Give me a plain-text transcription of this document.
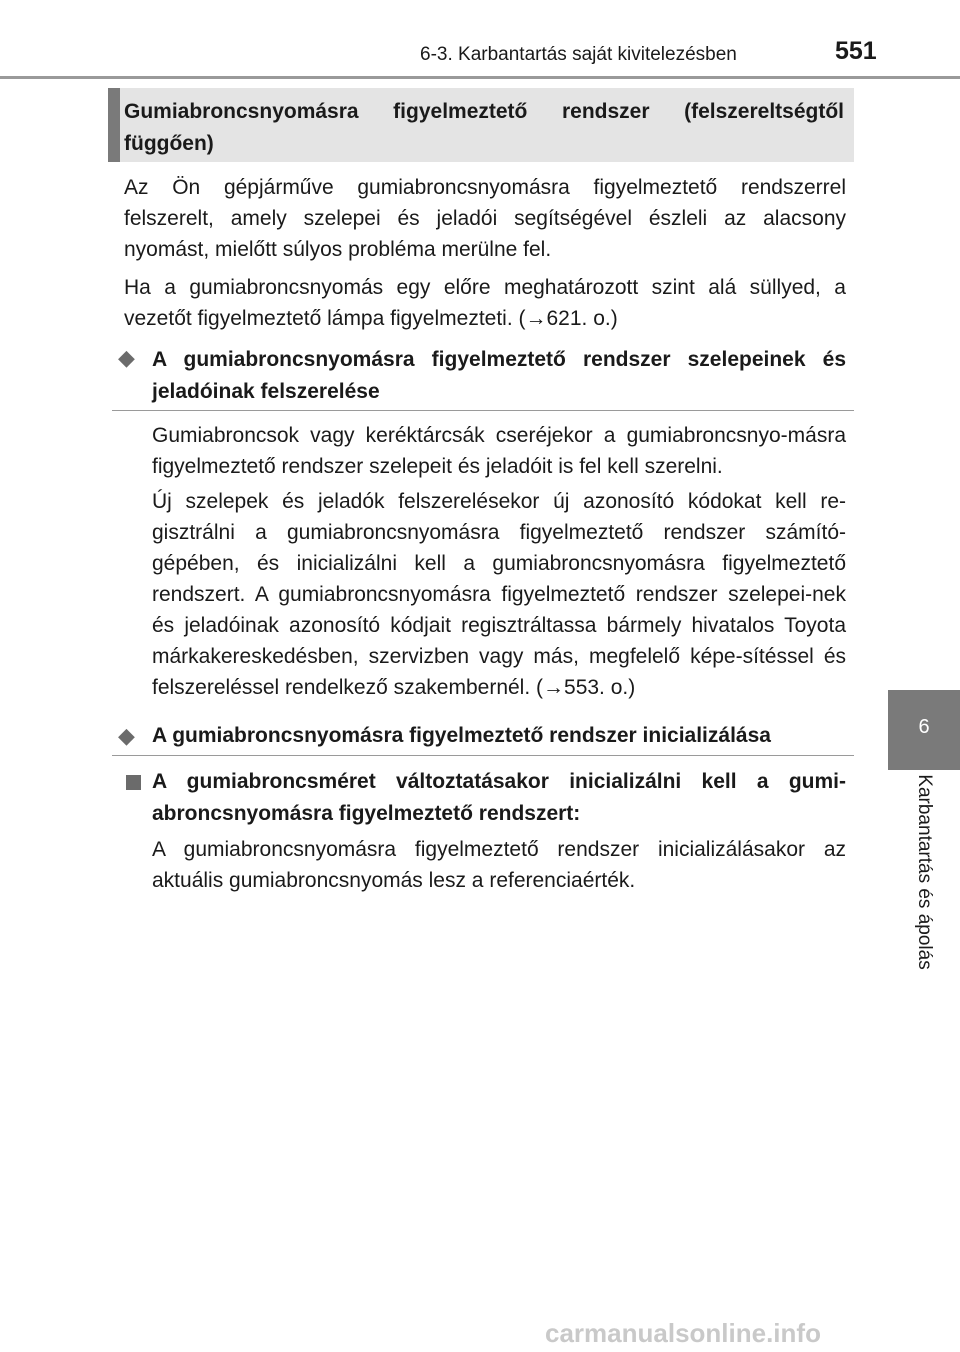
6-3. Karbantartás saját kivitelezésben	551
Gumiabroncsnyomásra figyelmeztető rendszer (felszereltségtől függően)
Az Ön gépjárműve gumiabroncsnyomásra figyelmeztető rendszerrel felszerelt, amely szelepei és jeladói segítségével észleli az alacsony nyomást, mielőtt súlyos probléma merülne fel.
Ha a gumiabroncsnyomás egy előre meghatározott szint alá süllyed, a vezetőt figyelmeztető lámpa figyelmezteti. (→621. o.)
◆ A gumiabroncsnyomásra figyelmeztető rendszer szelepeinek és jeladóinak felszerelése
Gumiabroncsok vagy keréktárcsák cseréjekor a gumiabroncsnyo-másra figyelmeztető rendszer szelepeit és jeladóit is fel kell szerelni.
Új szelepek és jeladók felszerelésekor új azonosító kódokat kell re-gisztrálni a gumiabroncsnyomásra figyelmeztető rendszer számító-gépében, és inicializálni kell a gumiabroncsnyomásra figyelmeztető rendszert. A gumiabroncsnyomásra figyelmeztető rendszer szelepei-nek és jeladóinak azonosító kódjait regisztráltassa bármely hivatalos Toyota márkakereskedésben, szervizben vagy más, megfelelő képe-sítéssel és felszereléssel rendelkező szakembernél. (→553. o.)
◆ A gumiabroncsnyomásra figyelmeztető rendszer inicializálása
A gumiabroncsméret változtatásakor inicializálni kell a gumi-abroncsnyomásra figyelmeztető rendszert:
A gumiabroncsnyomásra figyelmeztető rendszer inicializálásakor az aktuális gumiabroncsnyomás lesz a referenciaérték.
6
Karbantartás és ápolás
carmanualsonline.info
